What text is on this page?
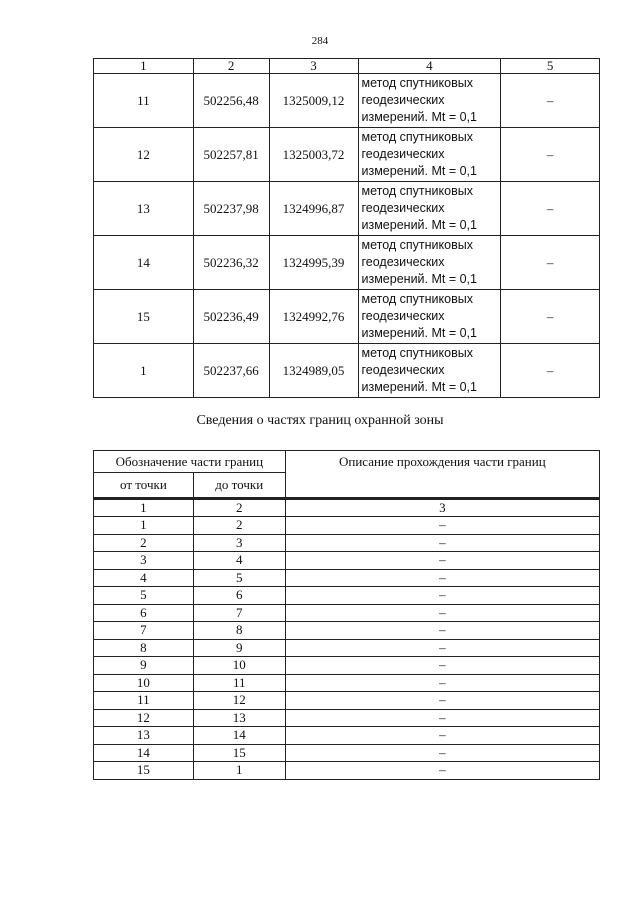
284
1	2	3	4	5
11	502256,48	1325009,12	метод спутниковых
геодезических
измерений. Mt = 0,1	–
12	502257,81	1325003,72	метод спутниковых
геодезических
измерений. Mt = 0,1	–
13	502237,98	1324996,87	метод спутниковых
геодезических
измерений. Mt = 0,1	–
14	502236,32	1324995,39	метод спутниковых
геодезических
измерений. Mt = 0,1	–
15	502236,49	1324992,76	метод спутниковых
геодезических
измерений. Mt = 0,1	–
1	502237,66	1324989,05	метод спутниковых
геодезических
измерений. Mt = 0,1	–
Сведения о частях границ охранной зоны
Обозначение части границ		Описание прохождения части границ
от точки	до точки	

1	2	3
1	2	–
2	3	–
3	4	–
4	5	–
5	6	–
6	7	–
7	8	–
8	9	–
9	10	–
10	11	–
11	12	–
12	13	–
13	14	–
14	15	–
15	1	–
